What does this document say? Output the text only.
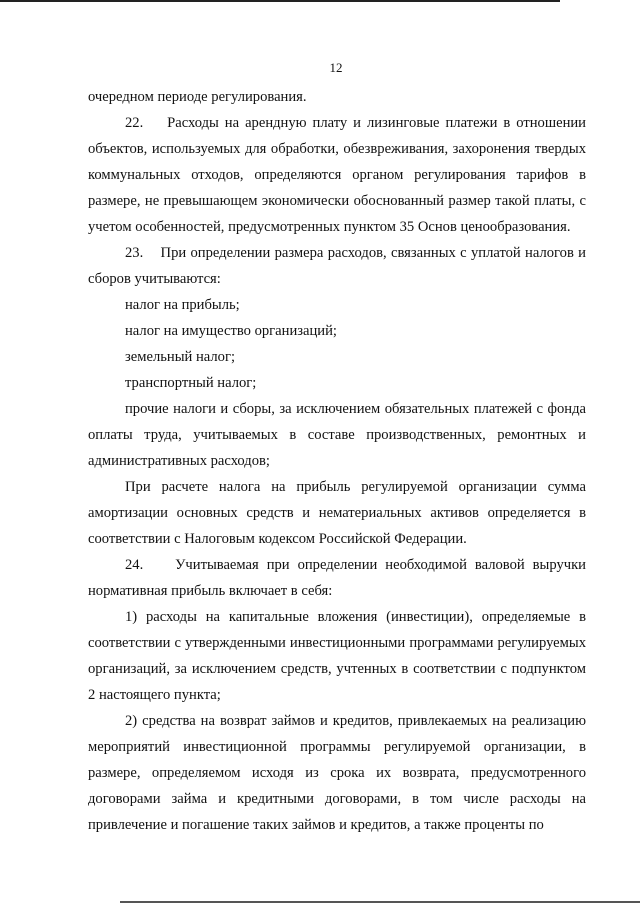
12

очередном периоде регулирования.

22.    Расходы на арендную плату и лизинговые платежи в отношении объектов, используемых для обработки, обезвреживания, захоронения твердых коммунальных отходов, определяются органом регулирования тарифов в размере, не превышающем экономически обоснованный размер такой платы, с учетом особенностей, предусмотренных пунктом 35 Основ ценообразования.

23.    При определении размера расходов, связанных с уплатой налогов и сборов учитываются:

налог на прибыль;

налог на имущество организаций;

земельный налог;

транспортный налог;

прочие налоги и сборы, за исключением обязательных платежей с фонда оплаты труда, учитываемых в составе производственных, ремонтных и административных расходов;

При расчете налога на прибыль регулируемой организации сумма амортизации основных средств и нематериальных активов определяется в соответствии с Налоговым кодексом Российской Федерации.

24.    Учитываемая при определении необходимой валовой выручки нормативная прибыль включает в себя:

1) расходы на капитальные вложения (инвестиции), определяемые в соответствии с утвержденными инвестиционными программами регулируемых организаций, за исключением средств, учтенных в соответствии с подпунктом 2 настоящего пункта;

2) средства на возврат займов и кредитов, привлекаемых на реализацию мероприятий инвестиционной программы регулируемой организации, в размере, определяемом исходя из срока их возврата, предусмотренного договорами займа и кредитными договорами, в том числе расходы на привлечение и погашение таких займов и кредитов, а также проценты по
